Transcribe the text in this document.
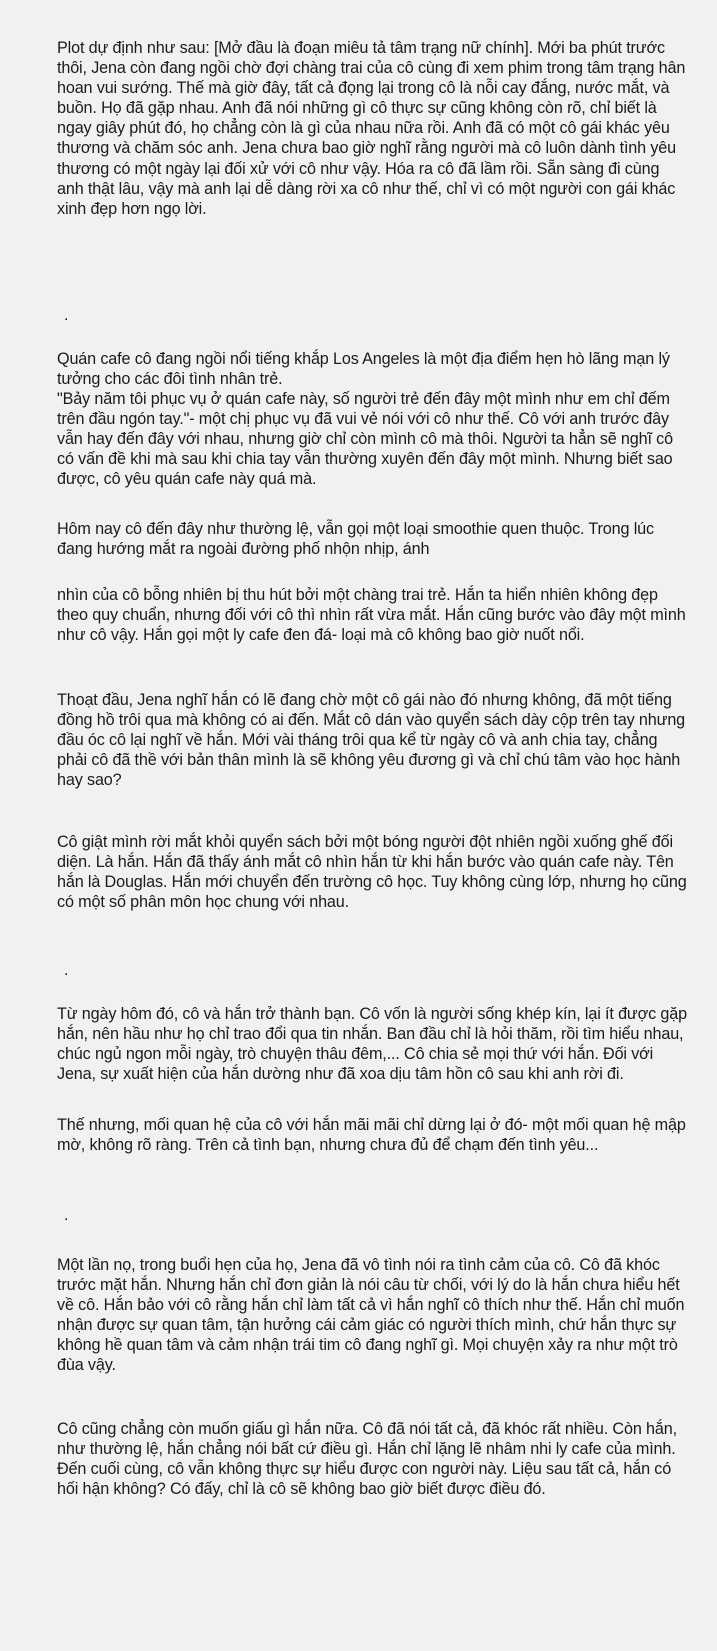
Plot dự định như sau: [Mở đầu là đoạn miêu tả tâm trạng nữ chính]. Mới ba phút trước thôi, Jena còn đang ngồi chờ đợi chàng trai của cô cùng đi xem phim trong tâm trạng hân hoan vui sướng. Thế mà giờ đây, tất cả đọng lại trong cô là nỗi cay đắng, nước mắt, và buồn. Họ đã gặp nhau. Anh đã nói những gì cô thực sự cũng không còn rõ, chỉ biết là ngay giây phút đó, họ chẳng còn là gì của nhau nữa rồi. Anh đã có một cô gái khác yêu thương và chăm sóc anh. Jena chưa bao giờ nghĩ rằng người mà cô luôn dành tình yêu thương có một ngày lại đối xử với cô như vậy. Hóa ra cô đã lầm rồi. Sẵn sàng đi cùng anh thật lâu, vậy mà anh lại dễ dàng rời xa cô như thế, chỉ vì có một người con gái khác xinh đẹp hơn ngọ lời.

.

Quán cafe cô đang ngồi nổi tiếng khắp Los Angeles là một địa điểm hẹn hò lãng mạn lý tưởng cho các đôi tình nhân trẻ.

"Bảy năm tôi phục vụ ở quán cafe này, số người trẻ đến đây một mình như em chỉ đếm trên đầu ngón tay."- một chị phục vụ đã vui vẻ nói với cô như thế. Cô với anh trước đây vẫn hay đến đây với nhau, nhưng giờ chỉ còn mình cô mà thôi. Người ta hẳn sẽ nghĩ cô có vấn đề khi mà sau khi chia tay vẫn thường xuyên đến đây một mình. Nhưng biết sao được, cô yêu quán cafe này quá mà.

Hôm nay cô đến đây như thường lệ, vẫn gọi một loại smoothie quen thuộc. Trong lúc đang hướng mắt ra ngoài đường phố nhộn nhịp, ánh

nhìn của cô bỗng nhiên bị thu hút bởi một chàng trai trẻ. Hắn ta hiển nhiên không đẹp theo quy chuẩn, nhưng đối với cô thì nhìn rất vừa mắt. Hắn cũng bước vào đây một mình như cô vậy. Hắn gọi một ly cafe đen đá- loại mà cô không bao giờ nuốt nổi.

Thoạt đầu, Jena nghĩ hắn có lẽ đang chờ một cô gái nào đó nhưng không, đã một tiếng đồng hồ trôi qua mà không có ai đến. Mắt cô dán vào quyển sách dày cộp trên tay nhưng đầu óc cô lại nghĩ về hắn. Mới vài tháng trôi qua kể từ ngày cô và anh chia tay, chẳng phải cô đã thề với bản thân mình là sẽ không yêu đương gì và chỉ chú tâm vào học hành hay sao?

Cô giật mình rời mắt khỏi quyển sách bởi một bóng người đột nhiên ngồi xuống ghế đối diện. Là hắn. Hắn đã thấy ánh mắt cô nhìn hắn từ khi hắn bước vào quán cafe này. Tên hắn là Douglas. Hắn mới chuyển đến trường cô học. Tuy không cùng lớp, nhưng họ cũng có một số phân môn học chung với nhau.

.

Từ ngày hôm đó, cô và hắn trở thành bạn. Cô vốn là người sống khép kín, lại ít được gặp hắn, nên hầu như họ chỉ trao đổi qua tin nhắn. Ban đầu chỉ là hỏi thăm, rồi tìm hiểu nhau, chúc ngủ ngon mỗi ngày, trò chuyện thâu đêm,... Cô chia sẻ mọi thứ với hắn. Đối với Jena, sự xuất hiện của hắn dường như đã xoa dịu tâm hồn cô sau khi anh rời đi.

Thế nhưng, mối quan hệ của cô với hắn mãi mãi chỉ dừng lại ở đó- một mối quan hệ mập mờ, không rõ ràng. Trên cả tình bạn, nhưng chưa đủ để chạm đến tình yêu...

.

Một lần nọ, trong buổi hẹn của họ, Jena đã vô tình nói ra tình cảm của cô. Cô đã khóc trước mặt hắn. Nhưng hắn chỉ đơn giản là nói câu từ chối, với lý do là hắn chưa hiểu hết về cô. Hắn bảo với cô rằng hắn chỉ làm tất cả vì hắn nghĩ cô thích như thế. Hắn chỉ muốn nhận được sự quan tâm, tận hưởng cái cảm giác có người thích mình, chứ hắn thực sự không hề quan tâm và cảm nhận trái tim cô đang nghĩ gì. Mọi chuyện xảy ra như một trò đùa vậy.

Cô cũng chẳng còn muốn giấu gì hắn nữa. Cô đã nói tất cả, đã khóc rất nhiều. Còn hắn, như thường lệ, hắn chẳng nói bất cứ điều gì. Hắn chỉ lặng lẽ nhâm nhi ly cafe của mình. Đến cuối cùng, cô vẫn không thực sự hiểu được con người này. Liệu sau tất cả, hắn có hối hận không? Có đấy, chỉ là cô sẽ không bao giờ biết được điều đó.
